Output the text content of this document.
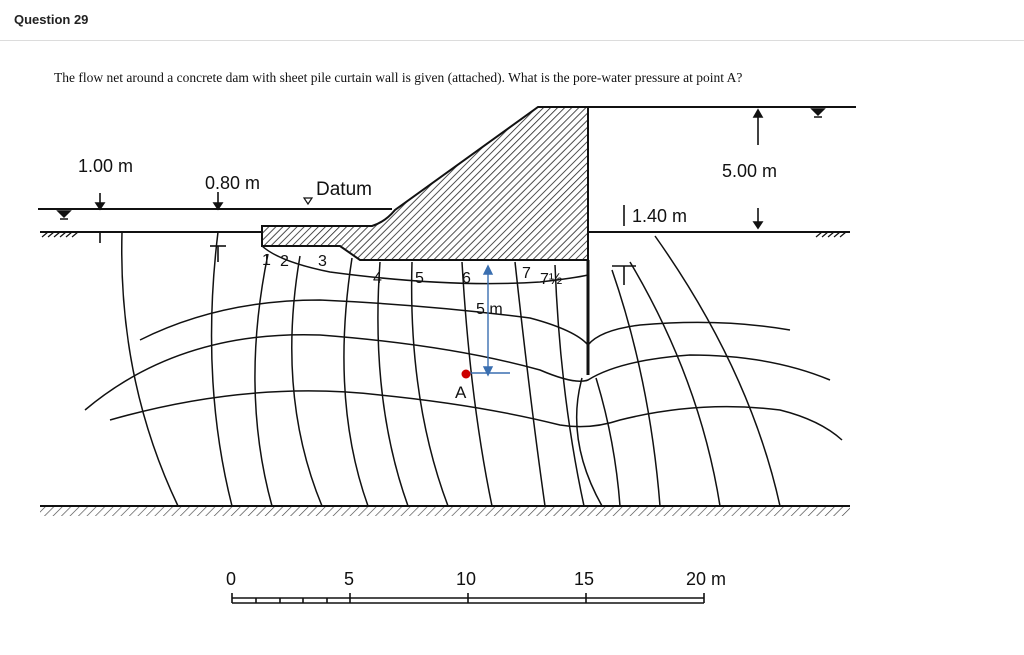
Question 29
The flow net around a concrete dam with sheet pile curtain wall is given (attached). What is the pore-water pressure at point A?
1.00 m
0.80 m	Datum
5.00 m
1.40 m
5 m
A
1 2 3
4 5 6	7 7½
0	5	10	15	20 m
